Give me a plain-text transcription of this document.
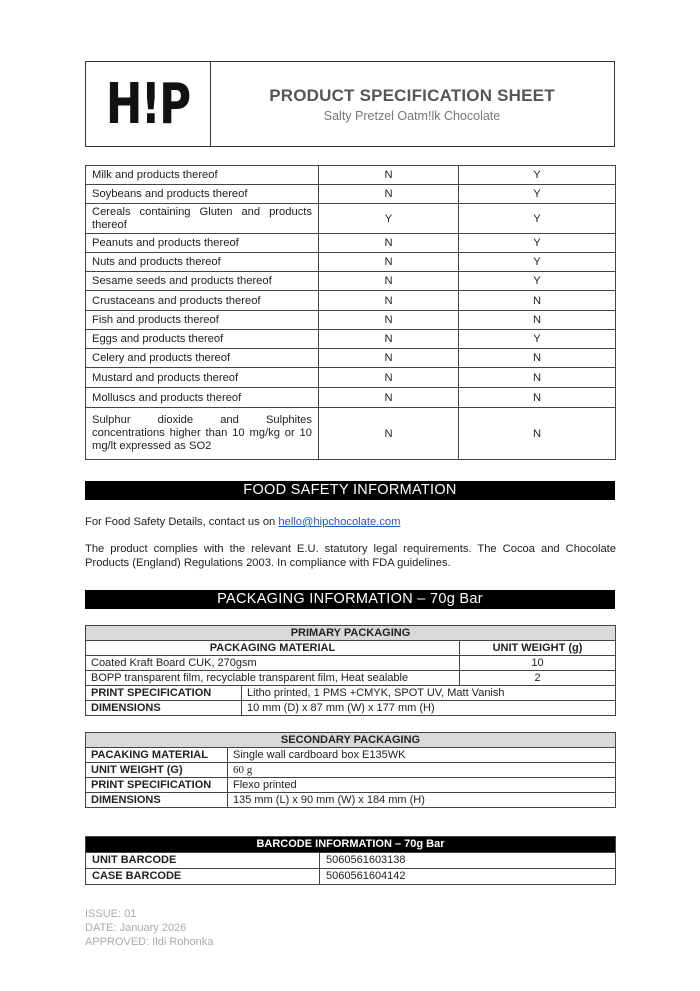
H!P	PRODUCT SPECIFICATION SHEET
Salty Pretzel Oatm!lk Chocolate
Milk and products thereof	N	Y
Soybeans and products thereof	N	Y
Cereals containing Gluten and products thereof	Y	Y
Peanuts and products thereof	N	Y
Nuts and products thereof	N	Y
Sesame seeds and products thereof	N	Y
Crustaceans and products thereof	N	N
Fish and products thereof	N	N
Eggs and products thereof	N	Y
Celery and products thereof	N	N
Mustard and products thereof	N	N
Molluscs and products thereof	N	N
Sulphur dioxide and Sulphites concentrations higher than 10 mg/kg or 10 mg/lt expressed as SO2	N	N
FOOD SAFETY INFORMATION
For Food Safety Details, contact us on hello@hipchocolate.com
The product complies with the relevant E.U. statutory legal requirements. The Cocoa and Chocolate Products (England) Regulations 2003. In compliance with FDA guidelines.
PACKAGING INFORMATION – 70g Bar
PRIMARY PACKAGING		
PACKAGING MATERIAL		UNIT WEIGHT (g)
Coated Kraft Board CUK, 270gsm		10
BOPP transparent film, recyclable transparent film, Heat sealable		2
PRINT SPECIFICATION	Litho printed, 1 PMS +CMYK, SPOT UV, Matt Vanish	
DIMENSIONS	10 mm (D) x 87 mm (W) x 177 mm (H)	
SECONDARY PACKAGING	
PACAKING MATERIAL	Single wall cardboard box E135WK
UNIT WEIGHT (G)	60 g
PRINT SPECIFICATION	Flexo printed
DIMENSIONS	135 mm (L) x 90 mm (W) x 184 mm (H)
BARCODE INFORMATION – 70g Bar	
UNIT BARCODE	5060561603138
CASE BARCODE	5060561604142
ISSUE: 01
DATE: January 2026
APPROVED: Ildi Rohonka
